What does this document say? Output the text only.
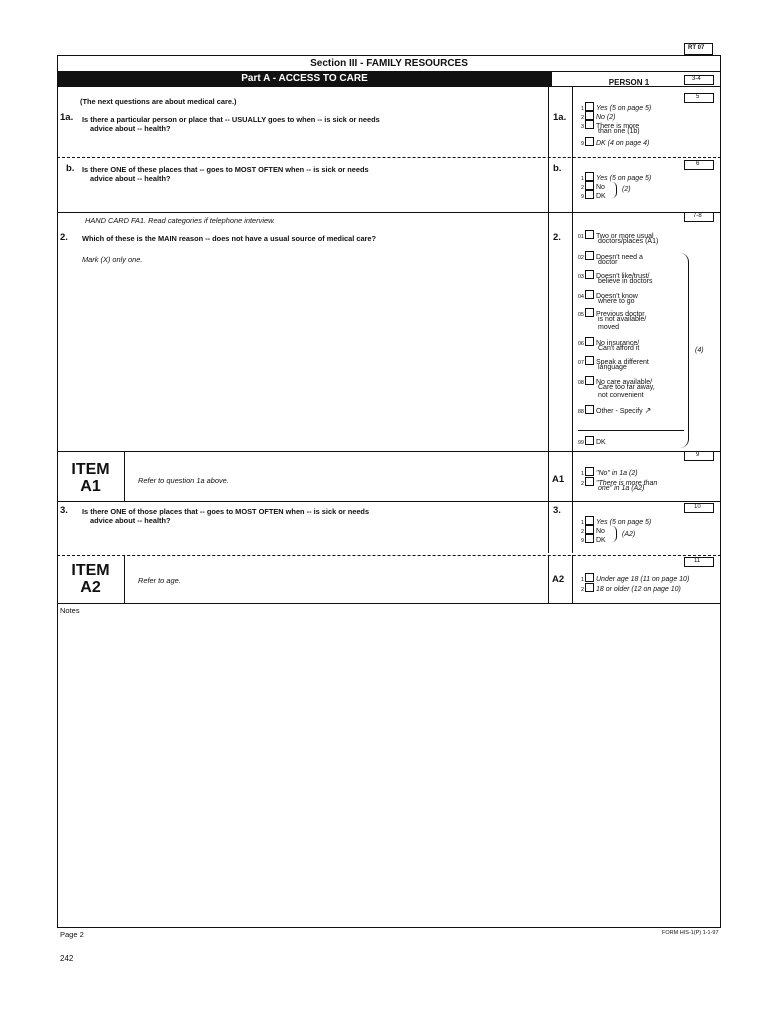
RT 07
Section III - FAMILY RESOURCES
Part A - ACCESS TO CARE	PERSON 1	3-4
(The next questions are about medical care.)
1a. Is there a particular person or place that -- USUALLY goes to when -- is sick or needs
advice about -- health?
1a.
5
1 Yes (5 on page 5)
2 No (2)
3 There is more
than one (1b)
9 DK (4 on page 4)
b. Is there ONE of these places that -- goes to MOST OFTEN when -- is sick or needs
advice about -- health?
b.	6
1 Yes (5 on page 5)
2 No
9 DK
(2)
HAND CARD FA1. Read categories if telephone interview.	7-8
2. Which of these is the MAIN reason -- does not have a usual source of medical care?
Mark (X) only one.
2.	01 Two or more usual
doctors/places (A1)
02 Doesn't need a
doctor
03 Doesn't like/trust/
believe in doctors
04 Doesn't know
where to go
05 Previous doctor
is not available/
moved
06 No insurance/
Can't afford it
07 Speak a different
language
08 No care available/
Care too far away,
not convenient
88 Other - Specify ↗
99 DK
(4)
ITEM
A1	Refer to question 1a above.	A1
9
1 "No" in 1a (2)
2 "There is more than
one" in 1a (A2)
3. Is there ONE of those places that -- goes to MOST OFTEN when -- is sick or needs
advice about -- health?
3.	10
1 Yes (5 on page 5)
2 No
9 DK
(A2)
ITEM
A2	Refer to age.	A2
11
1 Under age 18 (11 on page 10)
2 18 or older (12 on page 10)
Notes
Page 2	FORM HIS-1(P) 1-1-97
242
